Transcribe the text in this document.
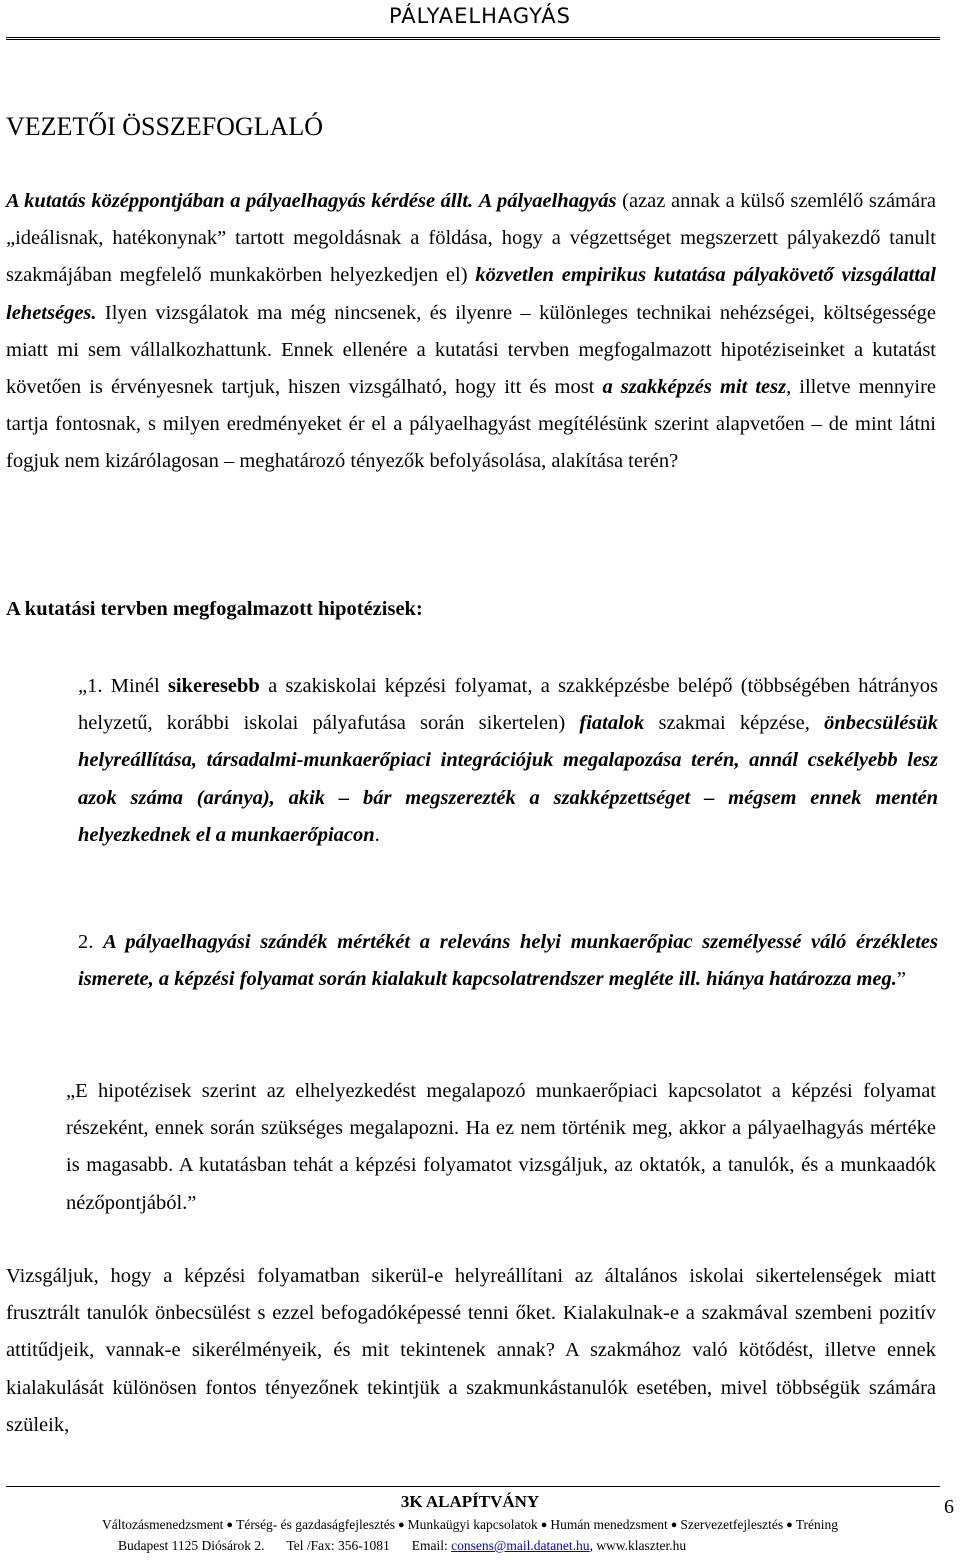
PÁLYAELHAGYÁS
VEZETŐI ÖSSZEFOGLALÓ

A kutatás középpontjában a pályaelhagyás kérdése állt. A pályaelhagyás (azaz annak a külső szemlélő számára „ideálisnak, hatékonynak” tartott megoldásnak a földása, hogy a végzettséget megszerzett pályakezdő tanult szakmájában megfelelő munkakörben helyezkedjen el) közvetlen empirikus kutatása pályakövető vizsgálattal lehetséges. Ilyen vizsgálatok ma még nincsenek, és ilyenre – különleges technikai nehézségei, költségessége miatt mi sem vállalkozhattunk. Ennek ellenére a kutatási tervben megfogalmazott hipotéziseinket a kutatást követően is érvényesnek tartjuk, hiszen vizsgálható, hogy itt és most a szakképzés mit tesz, illetve mennyire tartja fontosnak, s milyen eredményeket ér el a pályaelhagyást megítélésünk szerint alapvetően – de mint látni fogjuk nem kizárólagosan – meghatározó tényezők befolyásolása, alakítása terén?

A kutatási tervben megfogalmazott hipotézisek:

„1. Minél sikeresebb a szakiskolai képzési folyamat, a szakképzésbe belépő (többségében hátrányos helyzetű, korábbi iskolai pályafutása során sikertelen) fiatalok szakmai képzése, önbecsülésük helyreállítása, társadalmi-munkaerőpiaci integrációjuk megalapozása terén, annál csekélyebb lesz azok száma (aránya), akik – bár megszerezték a szakképzettséget – mégsem ennek mentén helyezkednek el a munkaerőpiacon.

2. A pályaelhagyási szándék mértékét a releváns helyi munkaerőpiac személyessé váló érzékletes ismerete, a képzési folyamat során kialakult kapcsolatrendszer megléte ill. hiánya határozza meg.”

„E hipotézisek szerint az elhelyezkedést megalapozó munkaerőpiaci kapcsolatot a képzési folyamat részeként, ennek során szükséges megalapozni. Ha ez nem történik meg, akkor a pályaelhagyás mértéke is magasabb. A kutatásban tehát a képzési folyamatot vizsgáljuk, az oktatók, a tanulók, és a munkaadók nézőpontjából.”

Vizsgáljuk, hogy a képzési folyamatban sikerül-e helyreállítani az általános iskolai sikertelenségek miatt frusztrált tanulók önbecsülést s ezzel befogadóképessé tenni őket. Kialakulnak-e a szakmával szembeni pozitív attitűdjeik, vannak-e sikerélményeik, és mit tekintenek annak? A szakmához való kötődést, illetve ennek kialakulását különösen fontos tényezőnek tekintjük a szakmunkástanulók esetében, mivel többségük számára szüleik,

3K ALAPÍTVÁNY
Változásmenedzsment ● Térség- és gazdaságfejlesztés ● Munkaügyi kapcsolatok ● Humán menedzsment ● Szervezetfejlesztés ● Tréning
Budapest 1125 Diósárok 2. Tel /Fax: 356-1081 Email: consens@mail.datanet.hu, www.klaszter.hu
6
